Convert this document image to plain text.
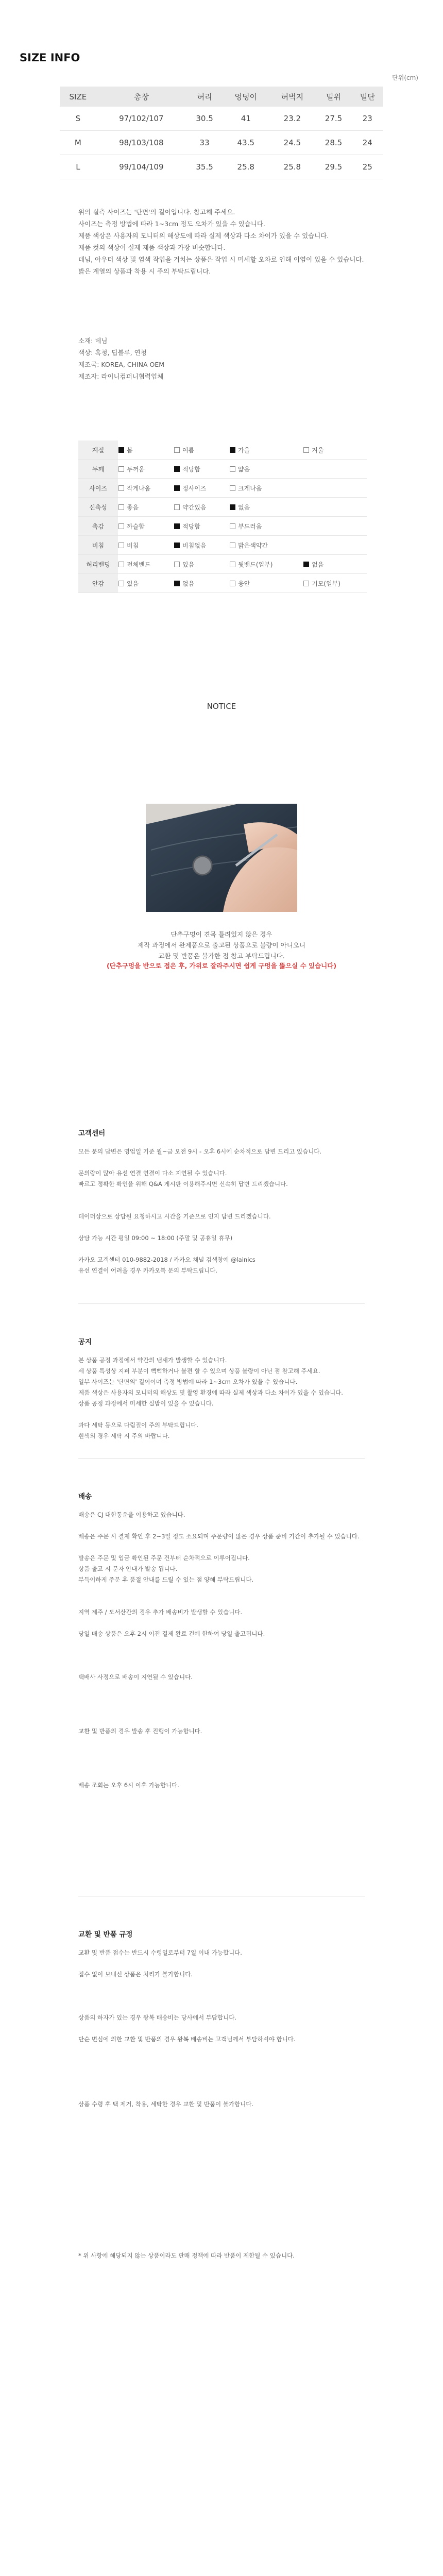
SIZE INFO
단위(cm)
SIZE	총장	허리	엉덩이	허벅지	밑위	밑단
S	97/102/107	30.5	41	23.2	27.5	23
M	98/103/108	33	43.5	24.5	28.5	24
L	99/104/109	35.5	25.8	25.8	29.5	25

위의 실측 사이즈는 '단면'의 길이입니다. 참고해 주세요.

사이즈는 측정 방법에 따라 1~3cm 정도 오차가 있을 수 있습니다.

제품 색상은 사용자의 모니터의 해상도에 따라 실제 색상과 다소 차이가 있을 수 있습니다.

제품 컷의 색상이 실제 제품 색상과 가장 비슷합니다.

데님, 아우터 색상 및 염색 작업을 거치는 상품은 작업 시 미세할 오차로 인해 이염이 있을 수 있습니다.

밝은 계열의 상품과 착용 시 주의 부탁드립니다.

소재: 데님

색상: 흑청, 딥블루, 연청

제조국: KOREA, CHINA OEM

제조자: 라이니컴퍼니협력업체

계절	봄	여름	가을	겨울
두께	두꺼움	적당함	얇음	
사이즈	작게나옴	정사이즈	크게나옴	
신축성	좋음	약간있음	없음	
촉감	까슬함	적당함	부드러움	
비침	비침	비침없음	밝은색약간	
허리밴딩	전체밴드	있음	뒷밴드(일부)	없음
안감	있음	없음	융안	기모(일부)
NOTICE
단추구멍이 견목 틀려있지 않은 경우
제작 과정에서 완제품으로 출고된 상품으로 불량이 아니오니
교환 및 반품은 불가한 점 참고 부탁드립니다.
(단추구멍을 반으로 접은 후, 가위로 잘라주시면 쉽게 구멍을 뚫으실 수 있습니다)
고객센터

모든 문의 답변은 영업일 기준 월~금 오전 9시 - 오후 6시에 순차적으로 답변 드리고 있습니다.

문의량이 많아 유선 연결 연결이 다소 지연될 수 있습니다.

빠르고 정확한 확인을 위해 Q&A 게시판 이용해주시면 신속히 답변 드리겠습니다.

데이터상으로 상담원 요청하시고 시간을 기준으로 인지 답변 드리겠습니다.

상담 가능 시간 평일 09:00 ~ 18:00 (주말 및 공휴일 휴무)

카카오 고객센터 010-9882-2018 / 카카오 채널 검색창에 @lainics

유선 연결이 어려울 경우 카카오톡 문의 부탁드립니다.

공지

본 상품 공정 과정에서 약간의 냄새가 발생할 수 있습니다.

세 상품 특성상 지퍼 부분이 뻑뻑하거나 불편 할 수 있으며 상품 불량이 아닌 점 참고해 주세요.

일부 사이즈는 '단면의' 길이이며 측정 방법에 따라 1~3cm 오차가 있을 수 있습니다.

제품 색상은 사용자의 모니터의 해상도 및 촬영 환경에 따라 실제 색상과 다소 차이가 있을 수 있습니다.

상품 공정 과정에서 미세한 실밥이 있을 수 있습니다.

과다 세탁 등으로 다림질이 주의 부탁드립니다.

흰색의 경우 세탁 시 주의 바랍니다.

배송

배송은 CJ 대한통운을 이용하고 있습니다.

배송은 주문 시 결제 확인 후 2~3일 정도 소요되며 주문량이 많은 경우 상품 준비 기간이 추가될 수 있습니다.

발송은 주문 및 입금 확인된 주문 건부터 순차적으로 이루어집니다.

상품 출고 시 문자 안내가 발송 됩니다.

부득이하게 주문 후 품절 안내를 드릴 수 있는 점 양해 부탁드립니다.

지역 제주 / 도서산간의 경우 추가 배송비가 발생할 수 있습니다.

당일 배송 상품은 오후 2시 이전 결제 완료 건에 한하여 당일 출고됩니다.

택배사 사정으로 배송이 지연될 수 있습니다.

교환 및 반품의 경우 발송 후 진행이 가능합니다.

배송 조회는 오후 6시 이후 가능합니다.

교환 및 반품 규정

교환 및 반품 접수는 반드시 수령일로부터 7일 이내 가능합니다.

접수 없이 보내신 상품은 처리가 불가합니다.

상품의 하자가 있는 경우 왕복 배송비는 당사에서 부담합니다.

단순 변심에 의한 교환 및 반품의 경우 왕복 배송비는 고객님께서 부담하셔야 합니다.

상품 수령 후 택 제거, 착용, 세탁한 경우 교환 및 반품이 불가합니다.

* 위 사항에 해당되지 않는 상품이라도 판매 정책에 따라 반품이 제한될 수 있습니다.
